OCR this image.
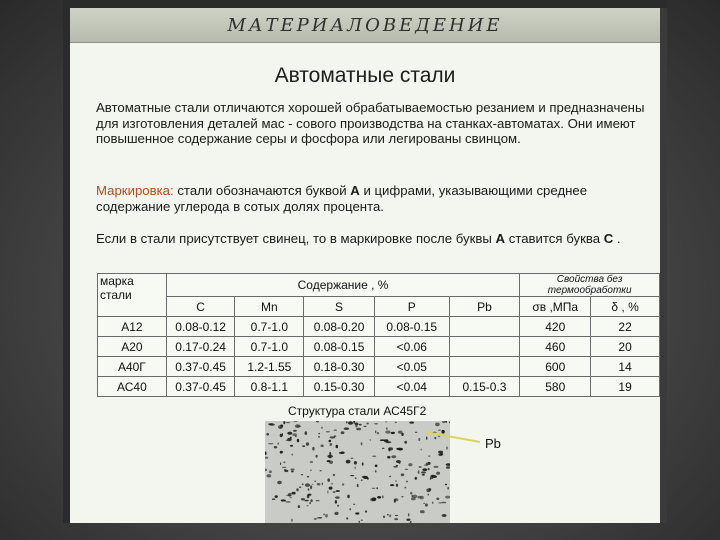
МАТЕРИАЛОВЕДЕНИЕ
Автоматные стали
Автоматные стали отличаются хорошей обрабатываемостью резанием и предназначены для изготовления деталей мас - сового производства на станках-автоматах. Они имеют повышенное содержание серы и фосфора или легированы свинцом.
Маркировка: стали обозначаются буквой А и цифрами, указывающими среднее содержание углерода в сотых долях процента.
Если в стали присутствует свинец, то в маркировке после буквы А ставится буква С .
марка стали	Содержание , %					Свойства без термообработки	
	С	Mn	S	P	Pb	σв ,МПа	δ , %
А12	0.08-0.12	0.7-1.0	0.08-0.20	0.08-0.15		420	22
А20	0.17-0.24	0.7-1.0	0.08-0.15	<0.06		460	20
А40Г	0.37-0.45	1.2-1.55	0.18-0.30	<0.05		600	14
АС40	0.37-0.45	0.8-1.1	0.15-0.30	<0.04	0.15-0.3	580	19
Структура стали АС45Г2
Pb
